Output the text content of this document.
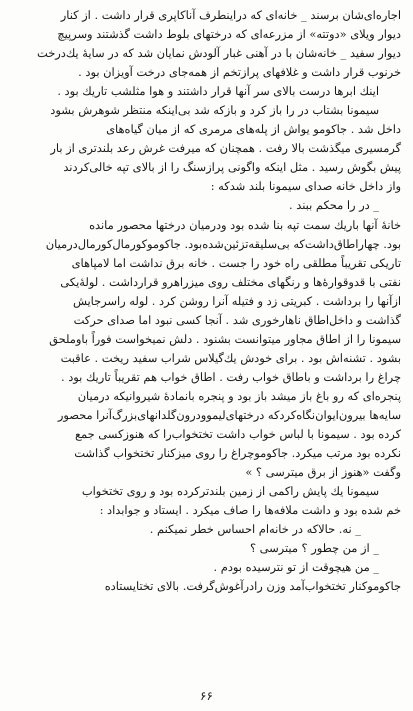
اجاره‌ای‌شان برسند _ خانه‌ای که دراینطرف آناکاپری قرار داشت . از کنار
دیوار ویلای «دوتته» از مزرعه‌ای که درختهای بلوط داشت گذشتند وسرپیچ
دیوار سفید _ خانه‌شان با در آهنی غبار آلودش نمایان شد که در سایهٔ یك‌درخت
خرنوب قرار داشت و غلافهای پرازتخم از همه‌جای درخت آویزان بود .
اینك ابرها درست بالای سر آنها قرار داشتند و هوا مثلشب تاریك بود .
سیمونا بشتاب در را باز کرد و بازکه شد بی‌اینکه منتظر شوهرش بشود
داخل شد . جاکومو یواش از پله‌های مرمری که از میان گیاه‌های
گرمسیری میگذشت بالا رفت . همچنان که میرفت غرش رعد بلندتری از بار
پیش بگوش رسید . مثل اینکه واگونی پرازسنگ را از بالای تپه خالی‌کردند
واز داخل خانه صدای سیمونا بلند شدکه :
_ در را محکم ببند .
خانهٔ آنها باریك سمت تپه بنا شده بود ودرمیان درختها محصور مانده
بود. چهاراطاق‌داشت‌که بی‌سلیقه‌تزئین‌شده‌بود. جاکوموکورمال‌کورمال‌درمیان
تاریکی تقریباً مطلقی راه خود را جست . خانه برق نداشت اما لامپاهای
نفتی با قدوقوارهٔ‌ها و رنگهای مختلف روی میزراهرو قرارداشت . لولهٔ‌یکی
ازآنها را برداشت . کبریتی زد و فتیله آنرا روشن کرد . لوله را‌سرجایش
گذاشت و داخل‌اطاق ناهارخوری شد . آنجا کسی نبود اما صدای حرکت
سیمونا را از اطاق مجاور میتوانست بشنود . دلش نمیخواست فوراً باوملحق
بشود . تشنه‌اش بود . برای خودش یك‌گیلاس شراب سفید ریخت . عاقبت
چراغ را برداشت و باطاق خواب رفت . اطاق خواب هم تقریباً تاریك بود .
پنجره‌ای که رو باغ باز میشد باز بود و پنجره بانمادهٔ شیروانیکه درمیان
سایه‌ها بیرون‌ایوان‌نگاه‌کردکه درختهای‌لیموودرون‌گلدانهای‌بزرگ‌آنرا محصور
کرده بود . سیمونا با لباس خواب داشت تختخواب‌را که هنوزکسی جمع
نکرده بود مرتب میکرد. جاکوموچراغ را روی میزکنار تختخواب گذاشت
وگفت «هنوز از برق میترسی ؟ »
سیمونا یك پایش راکمی از زمین بلندترکرده بود و روی تختخواب
خم شده بود و داشت ملافه‌ها را صاف میکرد . ایستاد و جوابداد :
_ نه. حالاکه در خانه‌ام احساس خطر نمیکنم .
_ از من چطور ؟ میترسی ؟
_ من هیچوقت از تو نترسیده بودم .
جاکوموکنار تختخواب‌آمد وزن رادرآغوش‌گرفت. بالای تختایستاده
۶۶
